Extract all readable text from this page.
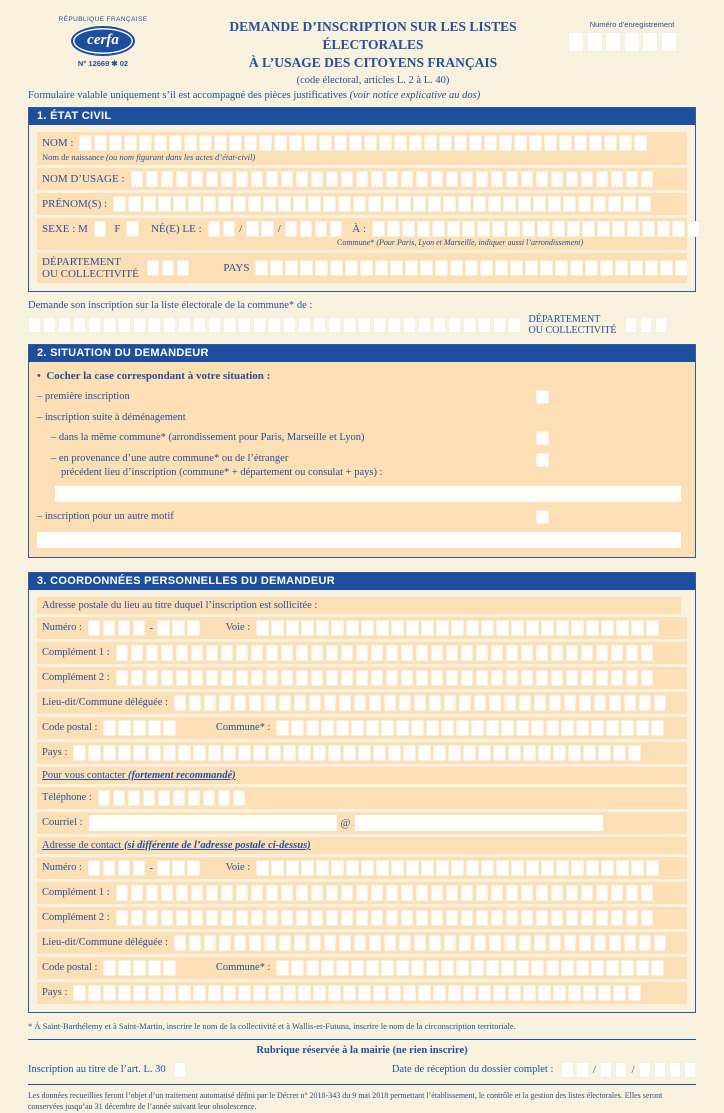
RÉPUBLIQUE FRANÇAISE
cerfa
N° 12669 ✱ 02
DEMANDE D’INSCRIPTION SUR LES LISTES ÉLECTORALES
À L’USAGE DES CITOYENS FRANÇAIS
(code électoral, articles L. 2 à L. 40)
Numéro d’enregistrement
Formulaire valable uniquement s’il est accompagné des pièces justificatives (voir notice explicative au dos)
1. ÉTAT CIVIL
NOM :
Nom de naissance (ou nom figurant dans les actes d’état-civil)
NOM D’USAGE :
PRÉNOM(S) :
SEXE : M F	NÉ(E) LE :	/	/	À :
Commune* (Pour Paris, Lyon et Marseille, indiquer aussi l’arrondissement)
DÉPARTEMENT
OU COLLECTIVITÉ	PAYS
Demande son inscription sur la liste électorale de la commune* de :
DÉPARTEMENT
OU COLLECTIVITÉ
2. SITUATION DU DEMANDEUR
• Cocher la case correspondant à votre situation :
– première inscription
– inscription suite à déménagement
– dans la même commune* (arrondissement pour Paris, Marseille et Lyon)
– en provenance d’une autre commune* ou de l’étranger
précédent lieu d’inscription (commune* + département ou consulat + pays) :
– inscription pour un autre motif
3. COORDONNÉES PERSONNELLES DU DEMANDEUR
Adresse postale du lieu au titre duquel l’inscription est sollicitée :
Numéro :	-	Voie :
Complément 1 :
Complément 2 :
Lieu-dit/Commune déléguée :
Code postal :	Commune* :
Pays :
Pour vous contacter (fortement recommandé)
Téléphone :
Courriel :	@
Adresse de contact (si différente de l’adresse postale ci-dessus)
Numéro :	-	Voie :
Complément 1 :
Complément 2 :
Lieu-dit/Commune déléguée :
Code postal :	Commune* :
Pays :
* À Saint-Barthélemy et à Saint-Martin, inscrire le nom de la collectivité et à Wallis-et-Futuna, inscrire le nom de la circonscription territoriale.
Rubrique réservée à la mairie (ne rien inscrire)
Inscription au titre de l’art. L. 30	Date de réception du dossier complet :	/	/
Les données recueillies feront l’objet d’un traitement automatisé défini par le Décret n° 2018-343 du 9 mai 2018 permettant l’établissement, le contrôle et la gestion des listes électorales. Elles seront conservées jusqu’au 31 décembre de l’année suivant leur obsolescence.
